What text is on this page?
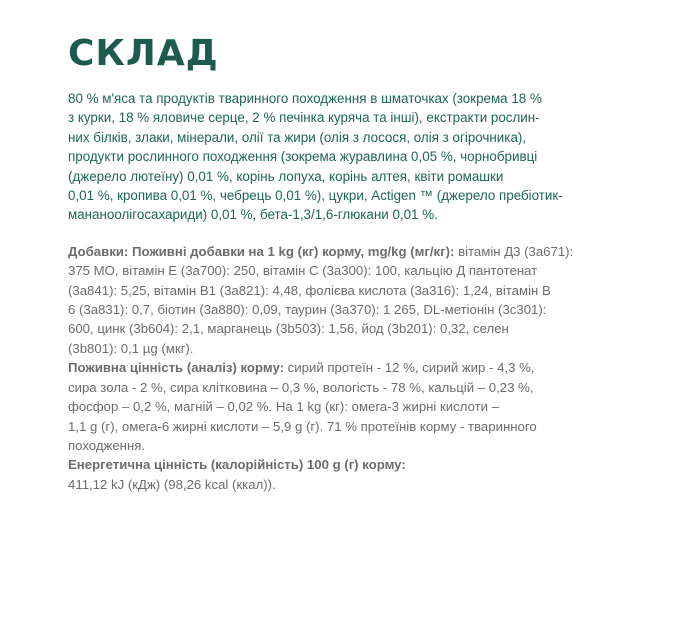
СКЛАД
80 % м'яса та продуктів тваринного походження в шматочках (зокрема 18 %
з курки, 18 % яловиче серце, 2 % печінка куряча та інші), екстракти рослин-
них білків, злаки, мінерали, олії та жири (олія з лосося, олія з огірочника),
продукти рослинного походження (зокрема журавлина 0,05 %, чорнобривці
(джерело лютеїну) 0,01 %, корінь лопуха, корінь алтея, квіти ромашки
0,01 %, кропива 0,01 %, чебрець 0,01 %), цукри, Actigen ™ (джерело пребіотик-
мананоолігосахариди) 0,01 %, бета-1,3/1,6-глюкани 0,01 %.
Добавки: Поживні добавки на 1 kg (кг) корму, mg/kg (мг/кг): вітамін Д3 (3а671):
375 МО, вітамін Е (3а700): 250, вітамін С (3а300): 100, кальцію Д пантотенат
(3а841): 5,25, вітамін В1 (3а821): 4,48, фолієва кислота (3а316): 1,24, вітамін В
6 (3а831): 0,7, біотин (3а880): 0,09, таурин (3а370): 1 265, DL-метіонін (3c301):
600, цинк (3b604): 2,1, марганець (3b503): 1,56, йод (3b201): 0,32, селен
(3b801): 0,1 µg (мкг).
Поживна цінність (аналіз) корму: сирий протеїн - 12 %, сирий жир - 4,3 %,
сира зола - 2 %, сира клітковина – 0,3 %, вологість - 78 %, кальцій – 0,23 %,
фосфор – 0,2 %, магній – 0,02 %. На 1 kg (кг): омега-3 жирні кислоти –
1,1 g (г), омега-6 жирні кислоти – 5,9 g (г). 71 % протеїнів корму - тваринного
походження.
Енергетична цінність (калорійність) 100 g (г) корму:
411,12 kJ (кДж) (98,26 kcal (ккал)).
